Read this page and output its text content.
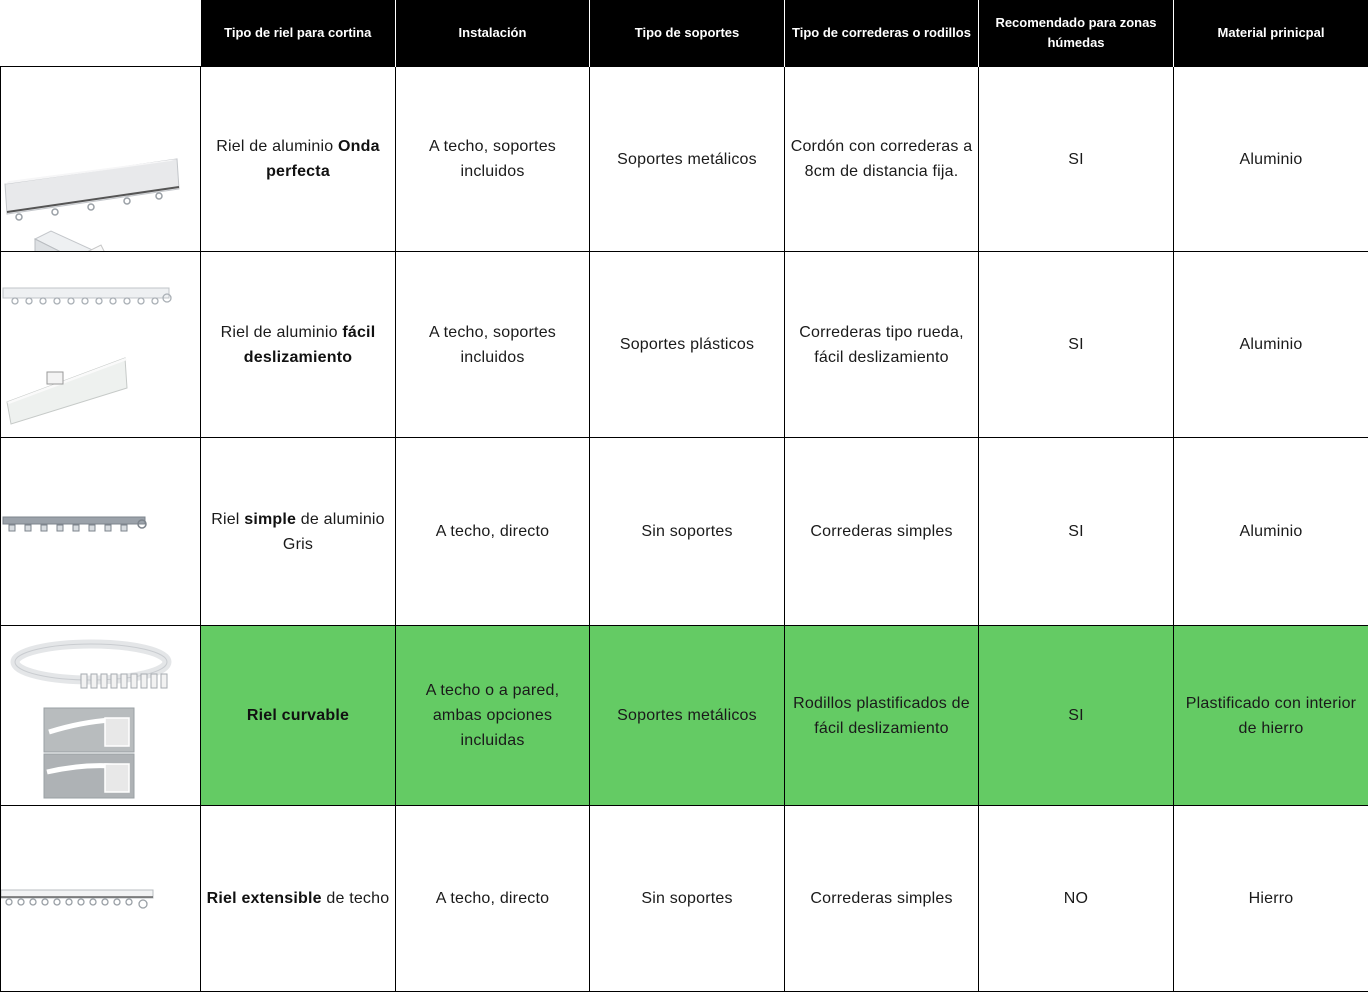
	Tipo de riel para cortina	Instalación	Tipo de soportes	Tipo de correderas o rodillos	Recomendado para zonas húmedas	Material prinicpal

	Riel de aluminio Onda perfecta	A techo, soportes incluidos	Soportes metálicos	Cordón con correderas a 8cm de distancia fija.	SI	Aluminio

	Riel de aluminio fácil deslizamiento	A techo, soportes incluidos	Soportes plásticos	Correderas tipo rueda, fácil deslizamiento	SI	Aluminio

	Riel simple de aluminio Gris	A techo, directo	Sin soportes	Correderas simples	SI	Aluminio

	Riel curvable	A techo o a pared, ambas opciones incluidas	Soportes metálicos	Rodillos plastificados de fácil deslizamiento	SI	Plastificado con interior de hierro

	Riel extensible de techo	A techo, directo	Sin soportes	Correderas simples	NO	Hierro
